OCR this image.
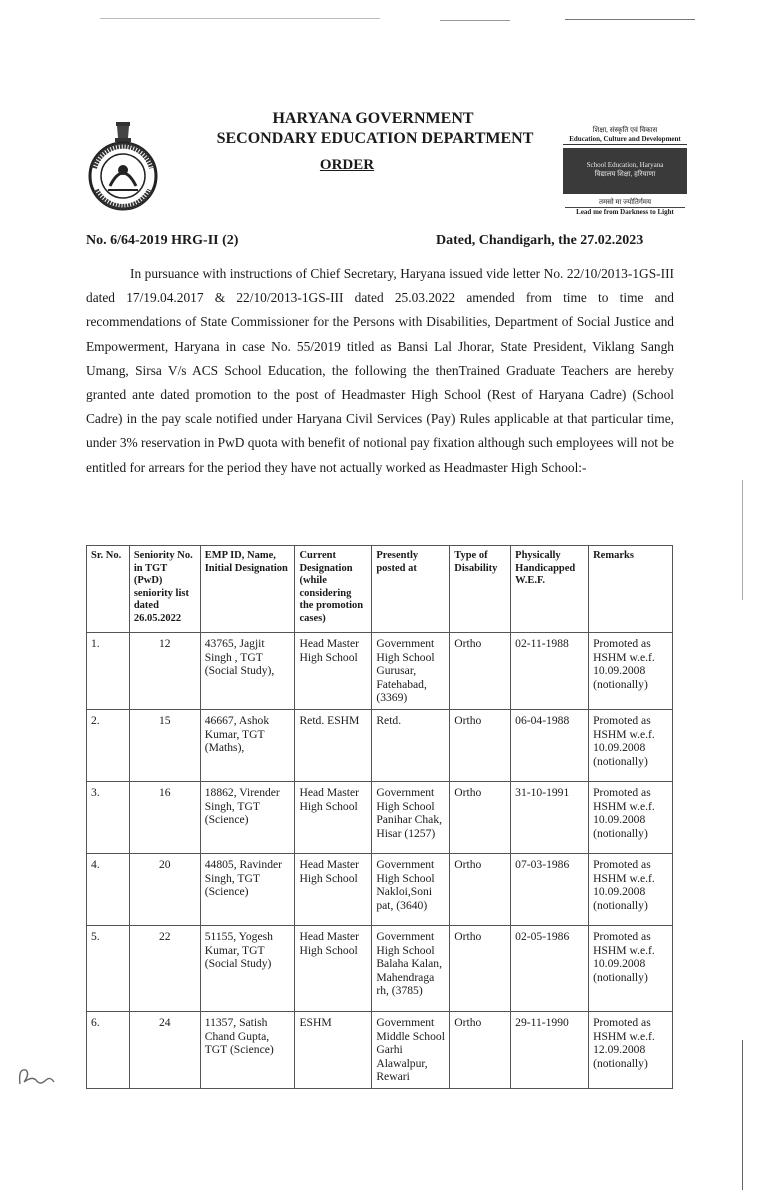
HARYANA GOVERNMENT
SECONDARY EDUCATION DEPARTMENT
ORDER
शिक्षा, संस्कृति एवं विकास
Education, Culture and Development
School Education, Haryana
विद्यालय शिक्षा, हरियाणा
तमसो मा ज्योतिर्गमय
Lead me from Darkness to Light
No. 6/64-2019 HRG-II (2)	Dated, Chandigarh, the 27.02.2023
In pursuance with instructions of Chief Secretary, Haryana issued vide letter No. 22/10/2013-1GS-III dated 17/19.04.2017 & 22/10/2013-1GS-III dated 25.03.2022 amended from time to time and recommendations of State Commissioner for the Persons with Disabilities, Department of Social Justice and Empowerment, Haryana in case No. 55/2019 titled as Bansi Lal Jhorar, State President, Viklang Sangh Umang, Sirsa V/s ACS School Education, the following the thenTrained Graduate Teachers are hereby granted ante dated promotion to the post of Headmaster High School (Rest of Haryana Cadre) (School Cadre) in the pay scale notified under Haryana Civil Services (Pay) Rules applicable at that particular time, under 3% reservation in PwD quota with benefit of notional pay fixation although such employees will not be entitled for arrears for the period they have not actually worked as Headmaster High School:-
Sr. No.	Seniority No. in TGT (PwD) seniority list dated 26.05.2022	EMP ID, Name, Initial Designation	Current Designation (while considering the promotion cases)	Presently posted at	Type of Disability	Physically Handicapped W.E.F.	Remarks
1.	12	43765, Jagjit Singh , TGT (Social Study),	Head Master High School	Government High School Gurusar, Fatehabad, (3369)	Ortho	02-11-1988	Promoted as HSHM w.e.f. 10.09.2008 (notionally)
2.	15	46667, Ashok Kumar, TGT (Maths),	Retd. ESHM	Retd.	Ortho	06-04-1988	Promoted as HSHM w.e.f. 10.09.2008 (notionally)
3.	16	18862, Virender Singh, TGT (Science)	Head Master High School	Government High School Panihar Chak, Hisar (1257)	Ortho	31-10-1991	Promoted as HSHM w.e.f. 10.09.2008 (notionally)
4.	20	44805, Ravinder Singh, TGT (Science)	Head Master High School	Government High School Nakloi,Soni pat, (3640)	Ortho	07-03-1986	Promoted as HSHM w.e.f. 10.09.2008 (notionally)
5.	22	51155, Yogesh Kumar, TGT (Social Study)	Head Master High School	Government High School Balaha Kalan, Mahendraga rh, (3785)	Ortho	02-05-1986	Promoted as HSHM w.e.f. 10.09.2008 (notionally)
6.	24	11357, Satish Chand Gupta, TGT (Science)	ESHM	Government Middle School Garhi Alawalpur, Rewari	Ortho	29-11-1990	Promoted as HSHM w.e.f. 12.09.2008 (notionally)
